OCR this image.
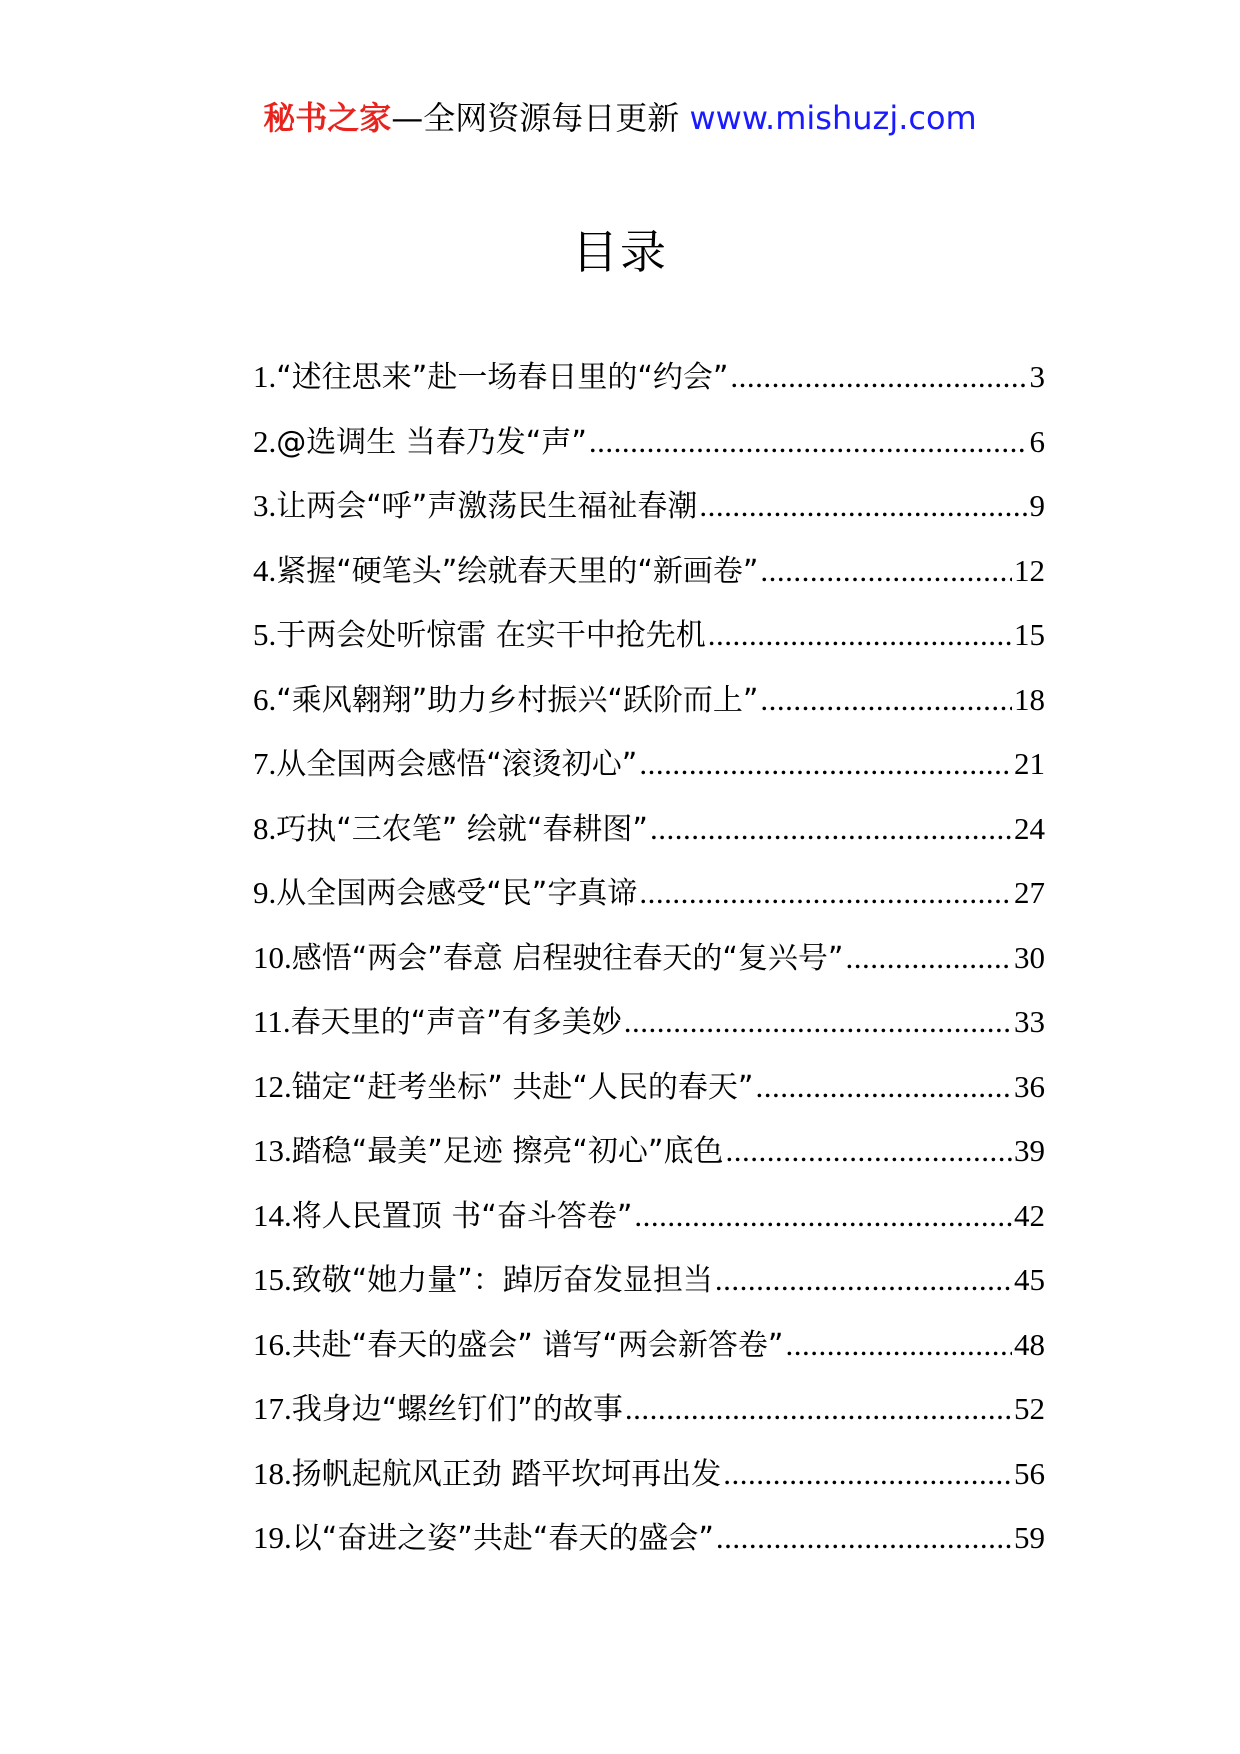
秘书之家—全网资源每日更新 www.mishuzj.com
目录
1. “述往思来”赴一场春日里的“约会” .....	3
2. @选调生 当春乃发“声” .....	6
3. 让两会“呼”声激荡民生福祉春潮 .....	9
4. 紧握“硬笔头”绘就春天里的“新画卷” .....	12
5. 于两会处听惊雷 在实干中抢先机 .....	15
6. “乘风翱翔”助力乡村振兴“跃阶而上” .....	18
7. 从全国两会感悟“滚烫初心” .....	21
8. 巧执“三农笔” 绘就“春耕图” .....	24
9. 从全国两会感受“民”字真谛 .....	27
10. 感悟“两会”春意 启程驶往春天的“复兴号” .....	30
11. 春天里的“声音”有多美妙 .....	33
12. 锚定“赶考坐标” 共赴“人民的春天” .....	36
13. 踏稳“最美”足迹 擦亮“初心”底色 .....	39
14. 将人民置顶 书“奋斗答卷” .....	42
15. 致敬“她力量”：踔厉奋发显担当 .....	45
16. 共赴“春天的盛会” 谱写“两会新答卷” .....	48
17. 我身边“螺丝钉们”的故事 .....	52
18. 扬帆起航风正劲 踏平坎坷再出发 .....	56
19. 以“奋进之姿”共赴“春天的盛会” .....	59
